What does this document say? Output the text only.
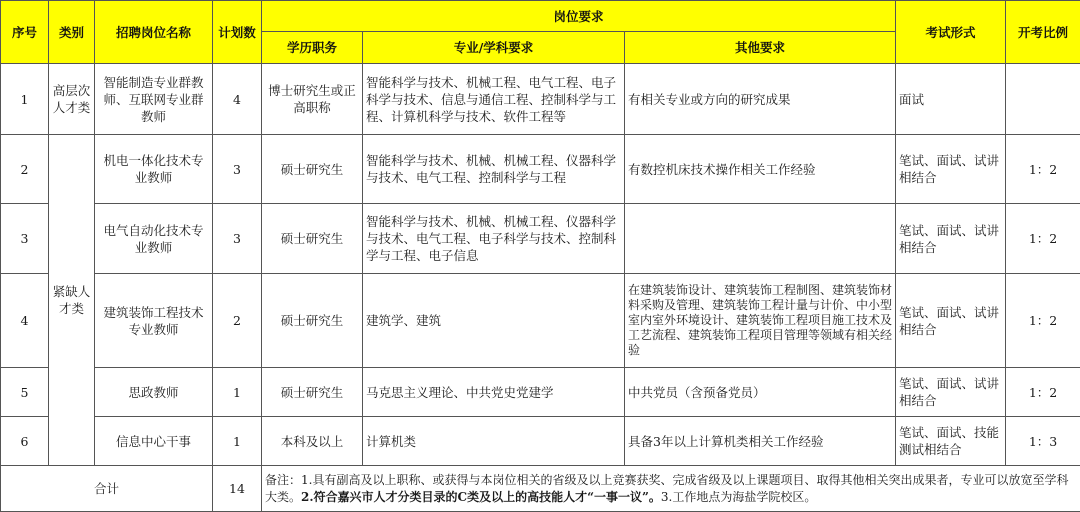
序号	类别	招聘岗位名称	计划数	岗位要求			考试形式	开考比例
				学历职务	专业/学科要求	其他要求		
1	高层次人才类	智能制造专业群教师、互联网专业群教师	4	博士研究生或正高职称	智能科学与技术、机械工程、电气工程、电子科学与技术、信息与通信工程、控制科学与工程、计算机科学与技术、软件工程等	有相关专业或方向的研究成果	面试	
2	紧缺人才类	机电一体化技术专业教师	3	硕士研究生	智能科学与技术、机械、机械工程、仪器科学与技术、电气工程、控制科学与工程	有数控机床技术操作相关工作经验	笔试、面试、试讲相结合	1：2
3		电气自动化技术专业教师	3	硕士研究生	智能科学与技术、机械、机械工程、仪器科学与技术、电气工程、电子科学与技术、控制科学与工程、电子信息		笔试、面试、试讲相结合	1：2
4		建筑装饰工程技术专业教师	2	硕士研究生	建筑学、建筑	在建筑装饰设计、建筑装饰工程制图、建筑装饰材料采购及管理、建筑装饰工程计量与计价、中小型室内室外环境设计、建筑装饰工程项目施工技术及工艺流程、建筑装饰工程项目管理等领域有相关经验	笔试、面试、试讲相结合	1：2
5		思政教师	1	硕士研究生	马克思主义理论、中共党史党建学	中共党员（含预备党员）	笔试、面试、试讲相结合	1：2
6		信息中心干事	1	本科及以上	计算机类	具备3年以上计算机类相关工作经验	笔试、面试、技能测试相结合	1：3
合计			14	备注：1.具有副高及以上职称、或获得与本岗位相关的省级及以上竞赛获奖、完成省级及以上课题项目、取得其他相关突出成果者，专业可以放宽至学科大类。2.符合嘉兴市人才分类目录的C类及以上的高技能人才“一事一议”。3.工作地点为海盐学院校区。				
